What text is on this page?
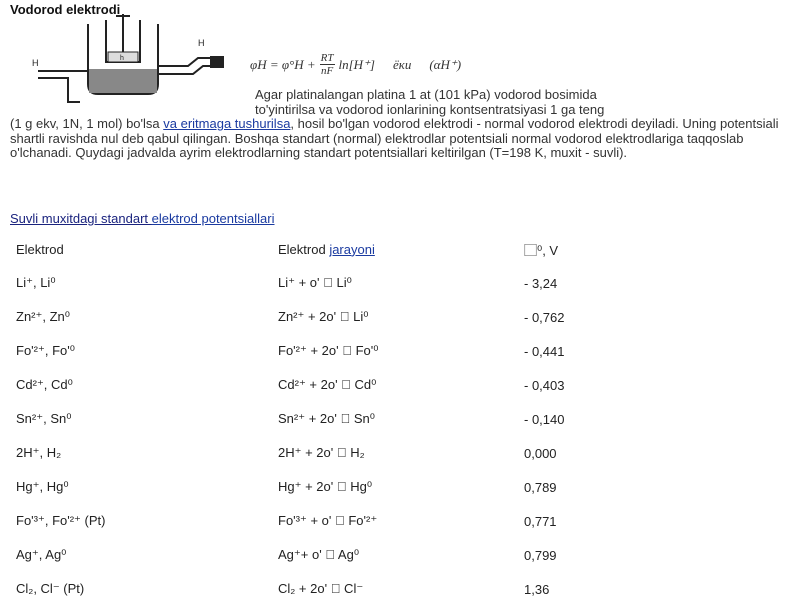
Vodorod elektrodi
H
H	h	$\varphi H = \varphi^\circ H + \frac{RT}{nF} \ln[H^+]$ ёки (αH⁺)
Agar platinalangan platina 1 at (101 kPa) vodorod bosimida
to'yintirilsa va vodorod ionlarining kontsentratsiyasi 1 ga teng
(1 g ekv, 1N, 1 mol) bo'lsa va eritmaga tushurilsa, hosil bo'lgan vodorod elektrodi - normal vodorod elektrodi deyiladi. Uning potentsiali shartli ravishda nul deb qabul qilingan. Boshqa standart (normal) elektrodlar potentsiali normal vodorod elektrodlariga taqqoslab o'lchanadi. Quydagi jadvalda ayrim elektrodlarning standart potentsiallari keltirilgan (T=198 K, muxit - suvli).
Suvli muxitdagi standart elektrod potentsiallari
Elektrod	Elektrod jarayoni	⃞⁰, V
Li⁺, Li⁰	Li⁺ + o' ⃞ Li⁰	- 3,24
Zn²⁺, Zn⁰	Zn²⁺ + 2o' ⃞ Li⁰	- 0,762
Fo'²⁺, Fo'⁰	Fo'²⁺ + 2o' ⃞ Fo'⁰	- 0,441
Cd²⁺, Cd⁰	Cd²⁺ + 2o' ⃞ Cd⁰	- 0,403
Sn²⁺, Sn⁰	Sn²⁺ + 2o' ⃞ Sn⁰	- 0,140
2H⁺, H₂	2H⁺ + 2o' ⃞ H₂	0,000
Hg⁺, Hg⁰	Hg⁺ + 2o' ⃞ Hg⁰	0,789
Fo'³⁺, Fo'²⁺ (Pt)	Fo'³⁺ + o' ⃞ Fo'²⁺	0,771
Ag⁺, Ag⁰	Ag⁺+ o' ⃞ Ag⁰	0,799
Cl₂, Cl⁻ (Pt)	Cl₂ + 2o' ⃞ Cl⁻	1,36
